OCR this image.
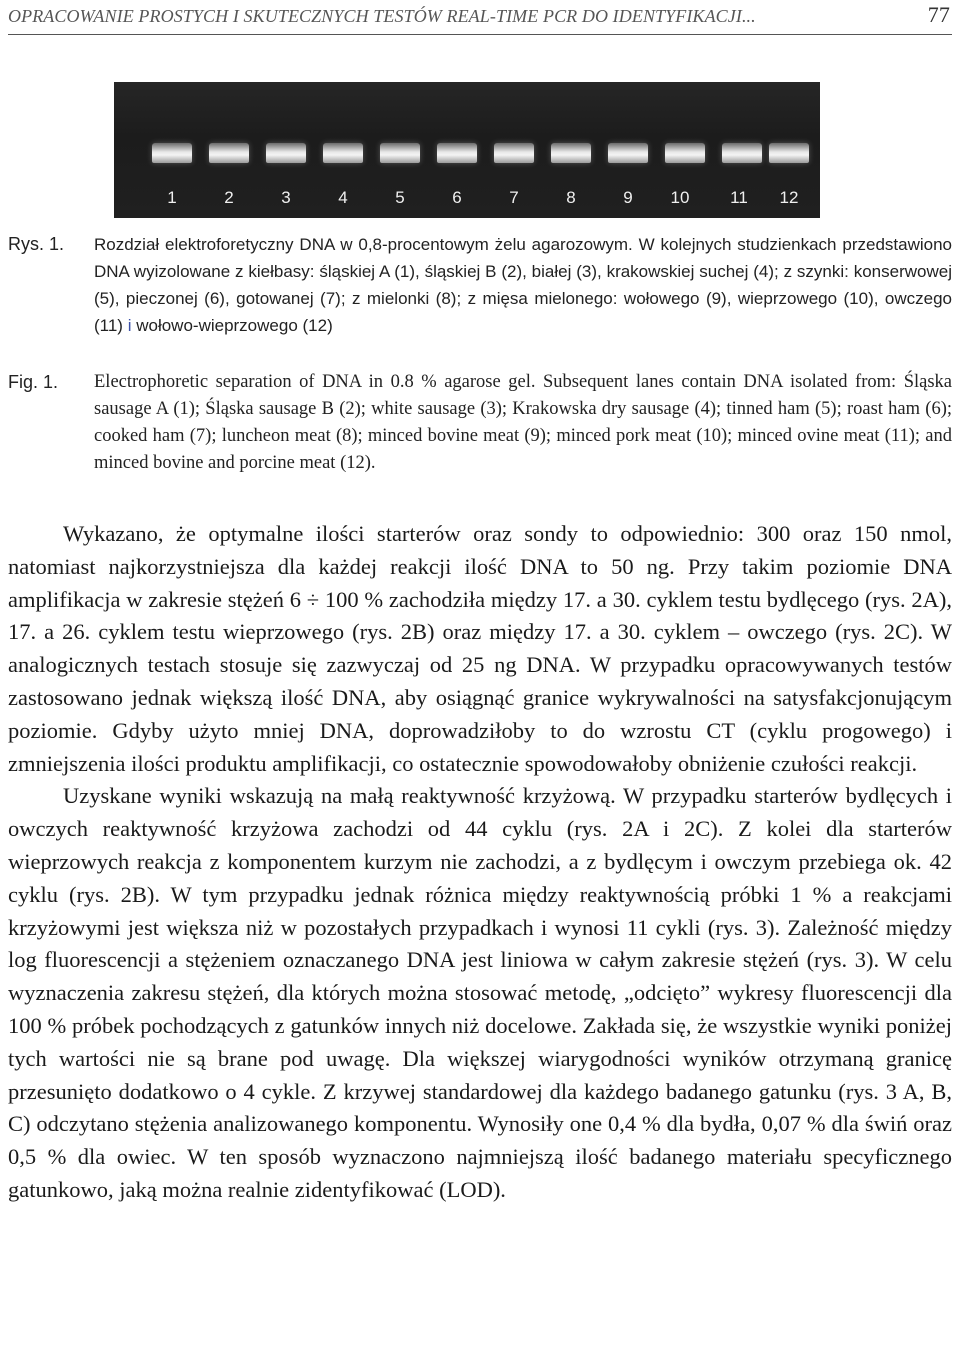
OPRACOWANIE PROSTYCH I SKUTECZNYCH TESTÓW REAL-TIME PCR DO IDENTYFIKACJI...	77
1	2	3	4	5	6	7	8	9	10	11	12
Rys. 1. Rozdział elektroforetyczny DNA w 0,8-procentowym żelu agarozowym. W kolejnych studzienkach przedstawiono DNA wyizolowane z kiełbasy: śląskiej A (1), śląskiej B (2), białej (3), krakowskiej suchej (4); z szynki: konserwowej (5), pieczonej (6), gotowanej (7); z mielonki (8); z mięsa mielonego: wołowego (9), wieprzowego (10), owczego (11) i wołowo-wieprzowego (12)
Fig. 1. Electrophoretic separation of DNA in 0.8 % agarose gel. Subsequent lanes contain DNA isolated from: Śląska sausage A (1); Śląska sausage B (2); white sausage (3); Krakowska dry sausage (4); tinned ham (5); roast ham (6); cooked ham (7); luncheon meat (8); minced bovine meat (9); minced pork meat (10); minced ovine meat (11); and minced bovine and porcine meat (12).

Wykazano, że optymalne ilości starterów oraz sondy to odpowiednio: 300 oraz 150 nmol, natomiast najkorzystniejsza dla każdej reakcji ilość DNA to 50 ng. Przy takim poziomie DNA amplifikacja w zakresie stężeń 6 ÷ 100 % zachodziła między 17. a 30. cyklem testu bydlęcego (rys. 2A), 17. a 26. cyklem testu wieprzowego (rys. 2B) oraz między 17. a 30. cyklem – owczego (rys. 2C). W analogicznych testach stosuje się zazwyczaj od 25 ng DNA. W przypadku opracowywanych testów zastosowano jednak większą ilość DNA, aby osiągnąć granice wykrywalności na satysfakcjonującym poziomie. Gdyby użyto mniej DNA, doprowadziłoby to do wzrostu CT (cyklu progowego) i zmniejszenia ilości produktu amplifikacji, co ostatecznie spowodowałoby obniżenie czułości reakcji.

Uzyskane wyniki wskazują na małą reaktywność krzyżową. W przypadku starterów bydlęcych i owczych reaktywność krzyżowa zachodzi od 44 cyklu (rys. 2A i 2C). Z kolei dla starterów wieprzowych reakcja z komponentem kurzym nie zachodzi, a z bydlęcym i owczym przebiega ok. 42 cyklu (rys. 2B). W tym przypadku jednak różnica między reaktywnością próbki 1 % a reakcjami krzyżowymi jest większa niż w pozostałych przypadkach i wynosi 11 cykli (rys. 3). Zależność między log fluorescencji a stężeniem oznaczanego DNA jest liniowa w całym zakresie stężeń (rys. 3). W celu wyznaczenia zakresu stężeń, dla których można stosować metodę, „odcięto” wykresy fluorescencji dla 100 % próbek pochodzących z gatunków innych niż docelowe. Zakłada się, że wszystkie wyniki poniżej tych wartości nie są brane pod uwagę. Dla większej wiarygodności wyników otrzymaną granicę przesunięto dodatkowo o 4 cykle. Z krzywej standardowej dla każdego badanego gatunku (rys. 3 A, B, C) odczytano stężenia analizowanego komponentu. Wynosiły one 0,4 % dla bydła, 0,07 % dla świń oraz 0,5 % dla owiec. W ten sposób wyznaczono najmniejszą ilość badanego materiału specyficznego gatunkowo, jaką można realnie zidentyfikować (LOD).
